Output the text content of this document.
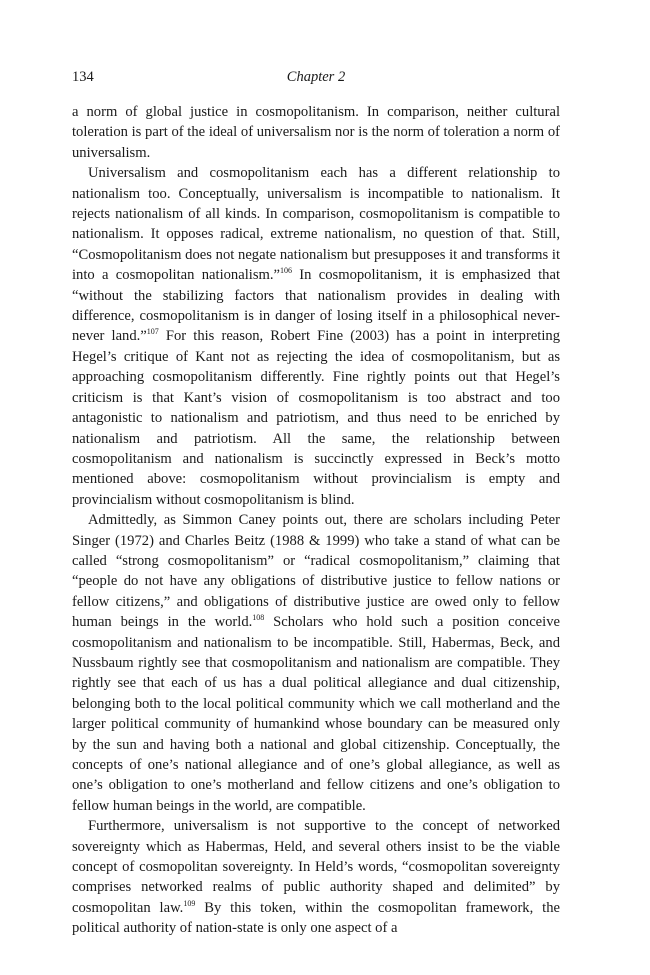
134	Chapter 2

a norm of global justice in cosmopolitanism. In comparison, neither cultural toleration is part of the ideal of universalism nor is the norm of toleration a norm of universalism.

Universalism and cosmopolitanism each has a different relationship to nationalism too. Conceptually, universalism is incompatible to nationalism. It rejects nationalism of all kinds. In comparison, cosmopolitanism is compatible to nationalism. It opposes radical, extreme nationalism, no question of that. Still, “Cosmopolitanism does not negate nationalism but presupposes it and transforms it into a cosmopolitan nationalism.”$^{106}$ In cosmopolitanism, it is emphasized that “without the stabilizing factors that nationalism provides in dealing with difference, cosmopolitanism is in danger of losing itself in a philosophical never-never land.”$^{107}$ For this reason, Robert Fine (2003) has a point in interpreting Hegel’s critique of Kant not as rejecting the idea of cosmopolitanism, but as approaching cosmopolitanism differently. Fine rightly points out that Hegel’s criticism is that Kant’s vision of cosmopolitanism is too abstract and too antagonistic to nationalism and patriotism, and thus need to be enriched by nationalism and patriotism. All the same, the relationship between cosmopolitanism and nationalism is succinctly expressed in Beck’s motto mentioned above: cosmopolitanism without provincialism is empty and provincialism without cosmopolitanism is blind.

Admittedly, as Simmon Caney points out, there are scholars including Peter Singer (1972) and Charles Beitz (1988 & 1999) who take a stand of what can be called “strong cosmopolitanism” or “radical cosmopolitanism,” claiming that “people do not have any obligations of distributive justice to fellow nations or fellow citizens,” and obligations of distributive justice are owed only to fellow human beings in the world.$^{108}$ Scholars who hold such a position conceive cosmopolitanism and nationalism to be incompatible. Still, Habermas, Beck, and Nussbaum rightly see that cosmopolitanism and nationalism are compatible. They rightly see that each of us has a dual political allegiance and dual citizenship, belonging both to the local political community which we call motherland and the larger political community of humankind whose boundary can be measured only by the sun and having both a national and global citizenship. Conceptually, the concepts of one’s national allegiance and of one’s global allegiance, as well as one’s obligation to one’s motherland and fellow citizens and one’s obligation to fellow human beings in the world, are compatible.

Furthermore, universalism is not supportive to the concept of networked sovereignty which as Habermas, Held, and several others insist to be the viable concept of cosmopolitan sovereignty. In Held’s words, “cosmopolitan sovereignty comprises networked realms of public authority shaped and delimited” by cosmopolitan law.$^{109}$ By this token, within the cosmopolitan framework, the political authority of nation-state is only one aspect of a
